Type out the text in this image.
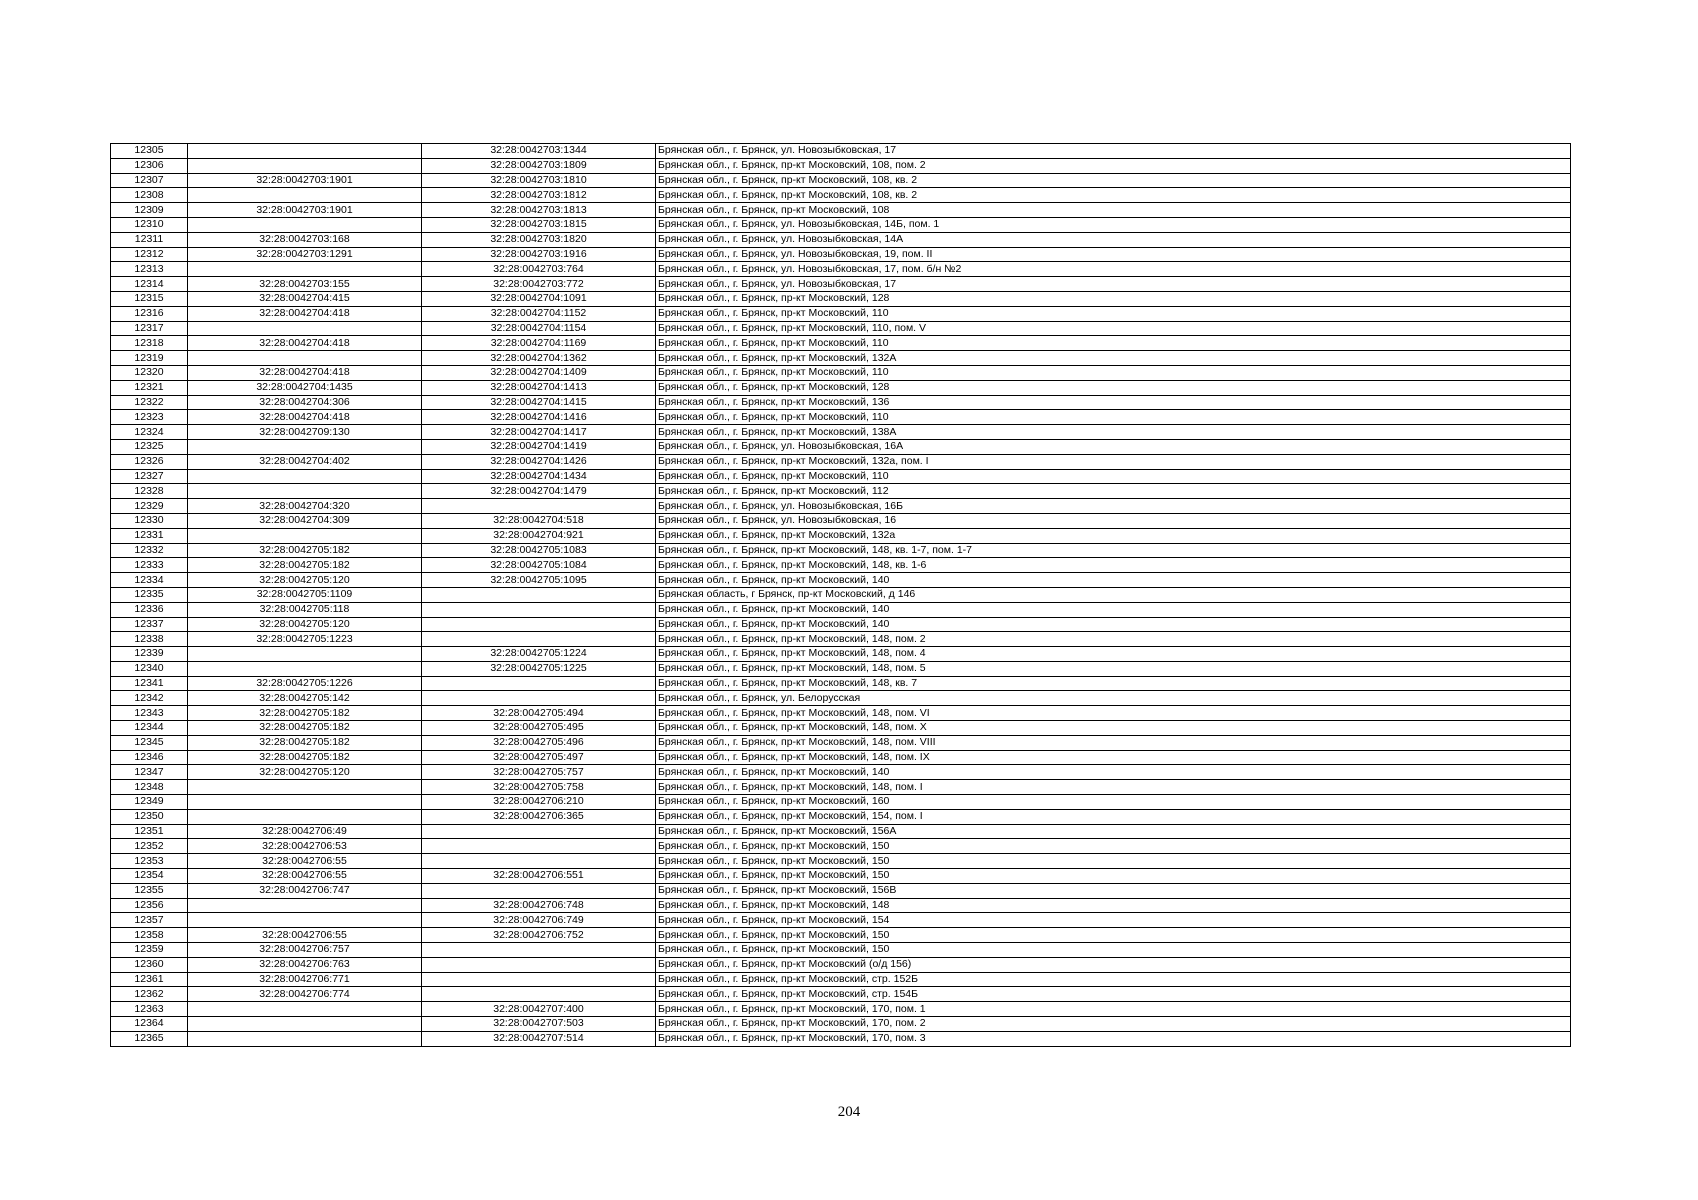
12305		32:28:0042703:1344	Брянская обл., г. Брянск, ул. Новозыбковская, 17
12306		32:28:0042703:1809	Брянская обл., г. Брянск, пр-кт Московский, 108, пом. 2
12307	32:28:0042703:1901	32:28:0042703:1810	Брянская обл., г. Брянск, пр-кт Московский, 108, кв. 2
12308		32:28:0042703:1812	Брянская обл., г. Брянск, пр-кт Московский, 108, кв. 2
12309	32:28:0042703:1901	32:28:0042703:1813	Брянская обл., г. Брянск, пр-кт Московский, 108
12310		32:28:0042703:1815	Брянская обл., г. Брянск, ул. Новозыбковская, 14Б, пом. 1
12311	32:28:0042703:168	32:28:0042703:1820	Брянская обл., г. Брянск, ул. Новозыбковская, 14А
12312	32:28:0042703:1291	32:28:0042703:1916	Брянская обл., г. Брянск, ул. Новозыбковская, 19, пом. II
12313		32:28:0042703:764	Брянская обл., г. Брянск, ул. Новозыбковская, 17, пом. б/н №2
12314	32:28:0042703:155	32:28:0042703:772	Брянская обл., г. Брянск, ул. Новозыбковская, 17
12315	32:28:0042704:415	32:28:0042704:1091	Брянская обл., г. Брянск, пр-кт Московский, 128
12316	32:28:0042704:418	32:28:0042704:1152	Брянская обл., г. Брянск, пр-кт Московский, 110
12317		32:28:0042704:1154	Брянская обл., г. Брянск, пр-кт Московский, 110, пом. V
12318	32:28:0042704:418	32:28:0042704:1169	Брянская обл., г. Брянск, пр-кт Московский, 110
12319		32:28:0042704:1362	Брянская обл., г. Брянск, пр-кт Московский, 132А
12320	32:28:0042704:418	32:28:0042704:1409	Брянская обл., г. Брянск, пр-кт Московский, 110
12321	32:28:0042704:1435	32:28:0042704:1413	Брянская обл., г. Брянск, пр-кт Московский, 128
12322	32:28:0042704:306	32:28:0042704:1415	Брянская обл., г. Брянск, пр-кт Московский, 136
12323	32:28:0042704:418	32:28:0042704:1416	Брянская обл., г. Брянск, пр-кт Московский, 110
12324	32:28:0042709:130	32:28:0042704:1417	Брянская обл., г. Брянск, пр-кт Московский, 138А
12325		32:28:0042704:1419	Брянская обл., г. Брянск, ул. Новозыбковская, 16А
12326	32:28:0042704:402	32:28:0042704:1426	Брянская обл., г. Брянск, пр-кт Московский, 132а, пом. I
12327		32:28:0042704:1434	Брянская обл., г. Брянск, пр-кт Московский, 110
12328		32:28:0042704:1479	Брянская обл., г. Брянск, пр-кт Московский, 112
12329	32:28:0042704:320		Брянская обл., г. Брянск, ул. Новозыбковская, 16Б
12330	32:28:0042704:309	32:28:0042704:518	Брянская обл., г. Брянск, ул. Новозыбковская, 16
12331		32:28:0042704:921	Брянская обл., г. Брянск, пр-кт Московский, 132а
12332	32:28:0042705:182	32:28:0042705:1083	Брянская обл., г. Брянск, пр-кт Московский, 148, кв. 1-7, пом. 1-7
12333	32:28:0042705:182	32:28:0042705:1084	Брянская обл., г. Брянск, пр-кт Московский, 148, кв. 1-6
12334	32:28:0042705:120	32:28:0042705:1095	Брянская обл., г. Брянск, пр-кт Московский, 140
12335	32:28:0042705:1109		Брянская область, г Брянск, пр-кт Московский, д 146
12336	32:28:0042705:118		Брянская обл., г. Брянск, пр-кт Московский, 140
12337	32:28:0042705:120		Брянская обл., г. Брянск, пр-кт Московский, 140
12338	32:28:0042705:1223		Брянская обл., г. Брянск, пр-кт Московский, 148, пом. 2
12339		32:28:0042705:1224	Брянская обл., г. Брянск, пр-кт Московский, 148, пом. 4
12340		32:28:0042705:1225	Брянская обл., г. Брянск, пр-кт Московский, 148, пом. 5
12341	32:28:0042705:1226		Брянская обл., г. Брянск, пр-кт Московский, 148, кв. 7
12342	32:28:0042705:142		Брянская обл., г. Брянск, ул. Белорусская
12343	32:28:0042705:182	32:28:0042705:494	Брянская обл., г. Брянск, пр-кт Московский, 148, пом. VI
12344	32:28:0042705:182	32:28:0042705:495	Брянская обл., г. Брянск, пр-кт Московский, 148, пом. X
12345	32:28:0042705:182	32:28:0042705:496	Брянская обл., г. Брянск, пр-кт Московский, 148, пом. VIII
12346	32:28:0042705:182	32:28:0042705:497	Брянская обл., г. Брянск, пр-кт Московский, 148, пом. IX
12347	32:28:0042705:120	32:28:0042705:757	Брянская обл., г. Брянск, пр-кт Московский, 140
12348		32:28:0042705:758	Брянская обл., г. Брянск, пр-кт Московский, 148, пом. I
12349		32:28:0042706:210	Брянская обл., г. Брянск, пр-кт Московский, 160
12350		32:28:0042706:365	Брянская обл., г. Брянск, пр-кт Московский, 154, пом. I
12351	32:28:0042706:49		Брянская обл., г. Брянск, пр-кт Московский, 156А
12352	32:28:0042706:53		Брянская обл., г. Брянск, пр-кт Московский, 150
12353	32:28:0042706:55		Брянская обл., г. Брянск, пр-кт Московский, 150
12354	32:28:0042706:55	32:28:0042706:551	Брянская обл., г. Брянск, пр-кт Московский, 150
12355	32:28:0042706:747		Брянская обл., г. Брянск, пр-кт Московский, 156В
12356		32:28:0042706:748	Брянская обл., г. Брянск, пр-кт Московский, 148
12357		32:28:0042706:749	Брянская обл., г. Брянск, пр-кт Московский, 154
12358	32:28:0042706:55	32:28:0042706:752	Брянская обл., г. Брянск, пр-кт Московский, 150
12359	32:28:0042706:757		Брянская обл., г. Брянск, пр-кт Московский, 150
12360	32:28:0042706:763		Брянская обл., г. Брянск, пр-кт Московский (о/д 156)
12361	32:28:0042706:771		Брянская обл., г. Брянск, пр-кт Московский, стр. 152Б
12362	32:28:0042706:774		Брянская обл., г. Брянск, пр-кт Московский, стр. 154Б
12363		32:28:0042707:400	Брянская обл., г. Брянск, пр-кт Московский, 170, пом. 1
12364		32:28:0042707:503	Брянская обл., г. Брянск, пр-кт Московский, 170, пом. 2
12365		32:28:0042707:514	Брянская обл., г. Брянск, пр-кт Московский, 170, пом. 3
204
